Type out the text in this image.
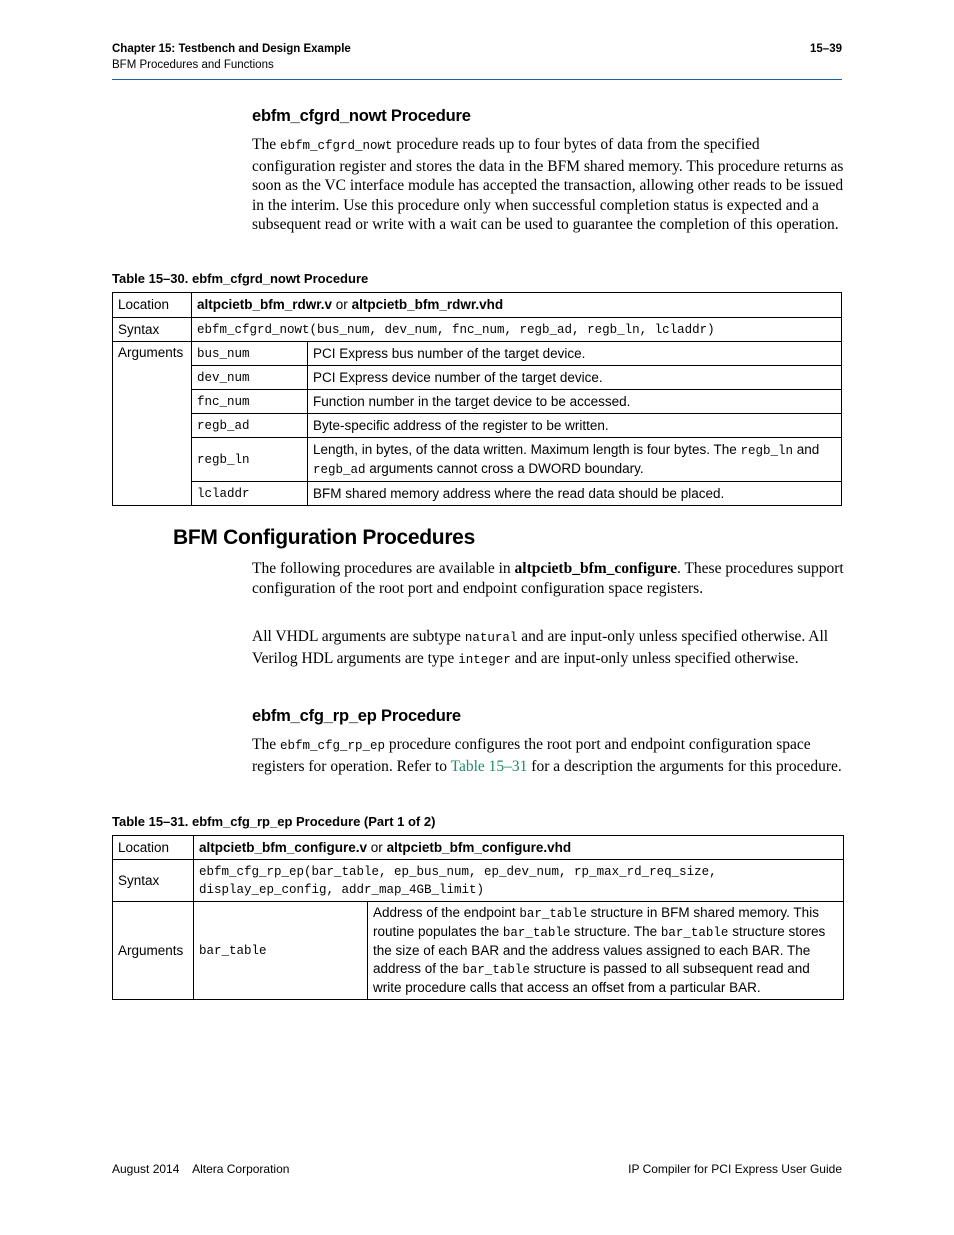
Chapter 15: Testbench and Design Example
BFM Procedures and Functions
15–39
ebfm_cfgrd_nowt Procedure
The ebfm_cfgrd_nowt procedure reads up to four bytes of data from the specified configuration register and stores the data in the BFM shared memory. This procedure returns as soon as the VC interface module has accepted the transaction, allowing other reads to be issued in the interim. Use this procedure only when successful completion status is expected and a subsequent read or write with a wait can be used to guarantee the completion of this operation.
Table 15–30. ebfm_cfgrd_nowt Procedure
Location	altpcietb_bfm_rdwr.v or altpcietb_bfm_rdwr.vhd	
Syntax	ebfm_cfgrd_nowt(bus_num, dev_num, fnc_num, regb_ad, regb_ln, lcladdr)	
Arguments	bus_num	PCI Express bus number of the target device.
	dev_num	PCI Express device number of the target device.
	fnc_num	Function number in the target device to be accessed.
	regb_ad	Byte-specific address of the register to be written.
	regb_ln	Length, in bytes, of the data written. Maximum length is four bytes. The regb_ln and regb_ad arguments cannot cross a DWORD boundary.
	lcladdr	BFM shared memory address where the read data should be placed.
BFM Configuration Procedures
The following procedures are available in altpcietb_bfm_configure. These procedures support configuration of the root port and endpoint configuration space registers.
All VHDL arguments are subtype natural and are input-only unless specified otherwise. All Verilog HDL arguments are type integer and are input-only unless specified otherwise.
ebfm_cfg_rp_ep Procedure
The ebfm_cfg_rp_ep procedure configures the root port and endpoint configuration space registers for operation. Refer to Table 15–31 for a description the arguments for this procedure.
Table 15–31. ebfm_cfg_rp_ep Procedure (Part 1 of 2)
Location	altpcietb_bfm_configure.v or altpcietb_bfm_configure.vhd	
Syntax	ebfm_cfg_rp_ep(bar_table, ep_bus_num, ep_dev_num, rp_max_rd_req_size,
display_ep_config, addr_map_4GB_limit)	

Arguments	bar_table	Address of the endpoint bar_table structure in BFM shared memory. This routine populates the bar_table structure. The bar_table structure stores the size of each BAR and the address values assigned to each BAR. The address of the bar_table structure is passed to all subsequent read and write procedure calls that access an offset from a particular BAR.
August 2014    Altera Corporation	IP Compiler for PCI Express User Guide
